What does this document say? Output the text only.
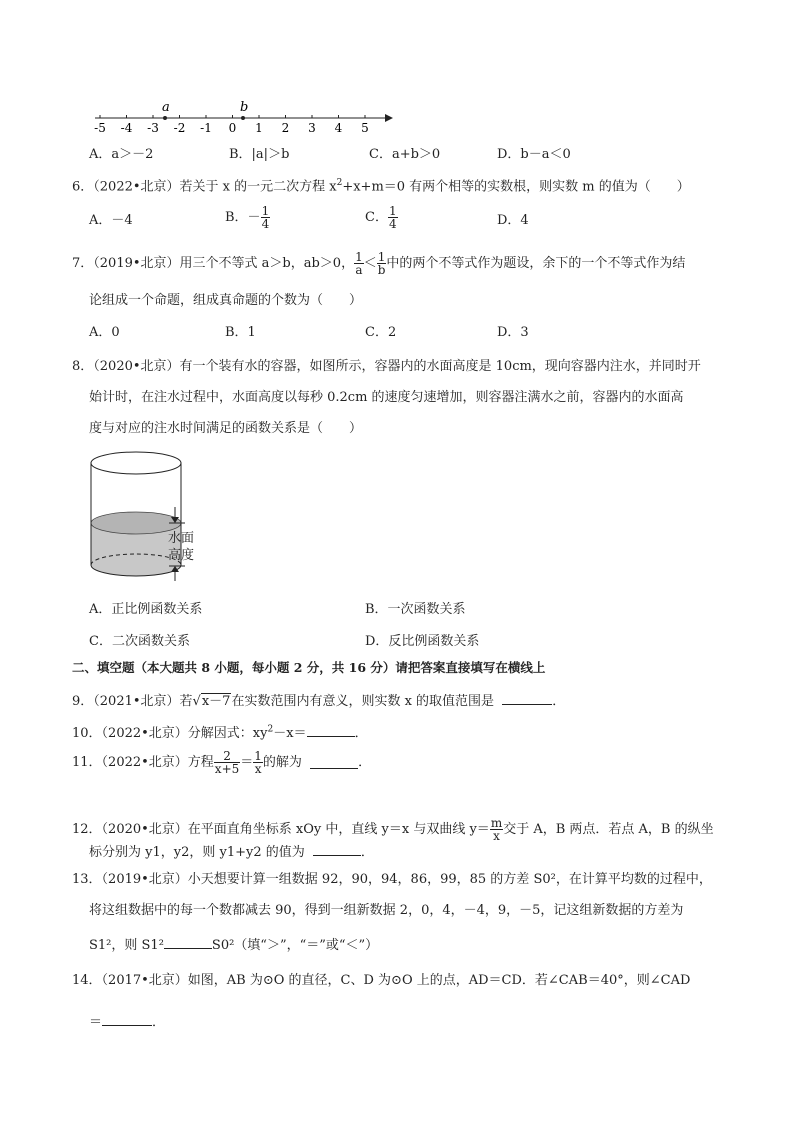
-5 -4 -3 -2 -1 0 1 2 3 4 5
a	b
A．a＞－2	B．|a|＞b	C．a+b＞0	D．b－a＜0
6．（2022•北京）若关于 x 的一元二次方程 $x^2+x+m=0$ 有两个相等的实数根，则实数 m 的值为（　　）
A．－4	B．－ $\frac{1}{4}$	C． $\frac{1}{4}$	D．4
7．（2019•北京）用三个不等式 a＞b，ab＞0， $\frac{1}{a} < \frac{1}{b}$ 中的两个不等式作为题设，余下的一个不等式作为结
论组成一个命题，组成真命题的个数为（　　）
A．0	B．1	C．2	D．3
8．（2020•北京）有一个装有水的容器，如图所示，容器内的水面高度是 10cm，现向容器内注水，并同时开
始计时，在注水过程中，水面高度以每秒 0.2cm 的速度匀速增加，则容器注满水之前，容器内的水面高
度与对应的注水时间满足的函数关系是（　　）
水面
高度
A．正比例函数关系	B．一次函数关系
C．二次函数关系	D．反比例函数关系
二、填空题（本大题共 8 小题，每小题 2 分，共 16 分）请把答案直接填写在横线上
9．（2021•北京）若√x－7在实数范围内有意义，则实数 x 的取值范围是	．
10．（2022•北京）分解因式：$xy^2-x=$	．
11．（2022•北京）方程 $\frac{2}{x+5} = \frac{1}{x}$ 的解为	．
12．（2020•北京）在平面直角坐标系 xOy 中，直线 y＝x 与双曲线 $y= \frac{m}{x}$ 交于 A，B 两点．若点 A，B 的纵坐
标分别为 y1，y2，则 y1+y2 的值为	．
13．（2019•北京）小天想要计算一组数据 92，90，94，86，99，85 的方差 S0²，在计算平均数的过程中，
将这组数据中的每一个数都减去 90，得到一组新数据 2，0，4，－4，9，－5，记这组新数据的方差为
S1²，则 S1²	S0²（填“＞”，“＝”或“＜”）
14．（2017•北京）如图，AB 为⊙O 的直径，C、D 为⊙O 上的点，AD＝CD．若∠CAB＝40°，则∠CAD
＝	．
